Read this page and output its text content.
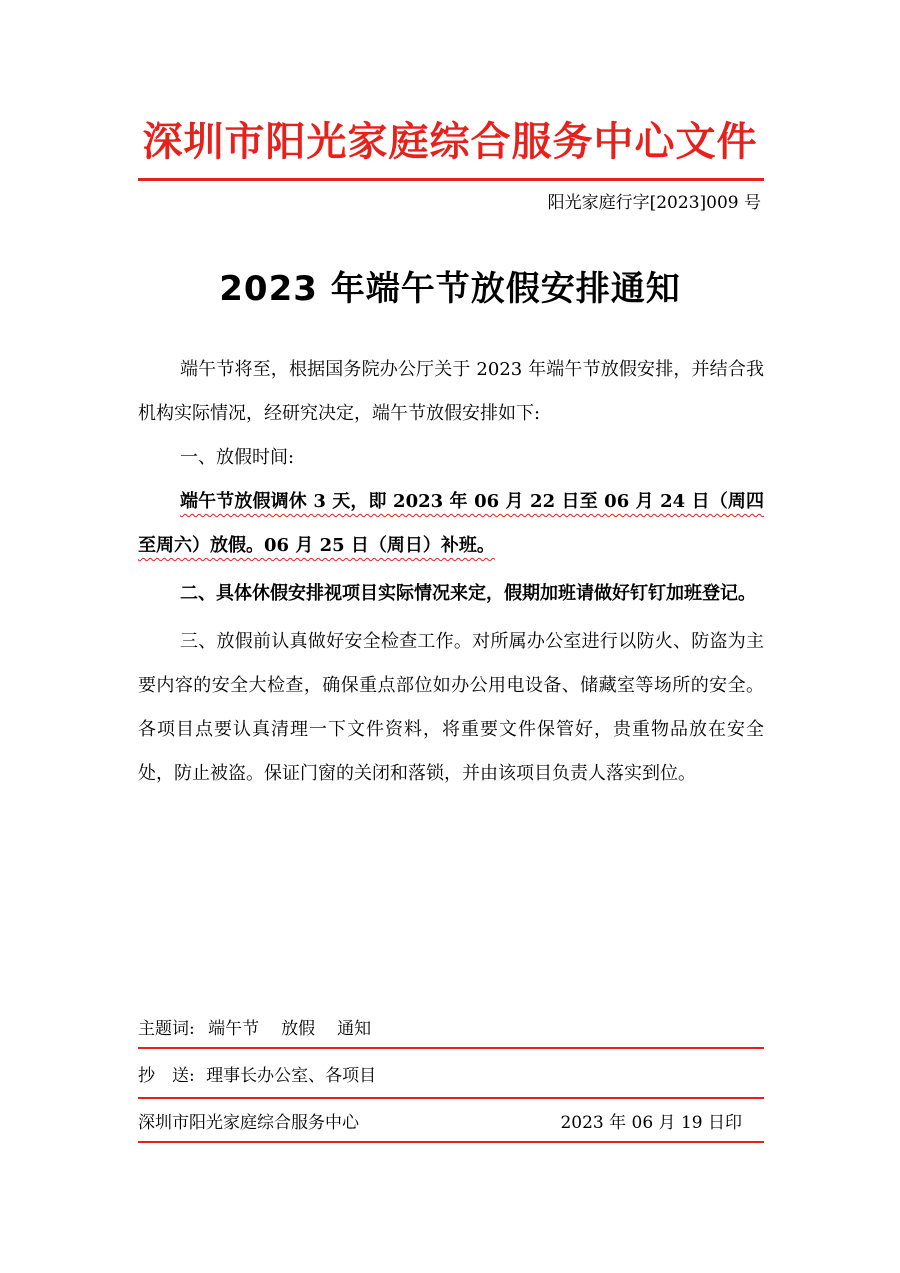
深圳市阳光家庭综合服务中心文件
阳光家庭行字[2023]009 号
2023 年端午节放假安排通知
端午节将至，根据国务院办公厅关于 2023 年端午节放假安排，并结合我机构实际情况，经研究决定，端午节放假安排如下:
一、放假时间:
端午节放假调休 3 天，即 2023 年 06 月 22 日至 06 月 24 日（周四至周六）放假。06 月 25 日（周日）补班。
二、具体休假安排视项目实际情况来定，假期加班请做好钉钉加班登记。
三、放假前认真做好安全检查工作。对所属办公室进行以防火、防盗为主要内容的安全大检查，确保重点部位如办公用电设备、储藏室等场所的安全。各项目点要认真清理一下文件资料，将重要文件保管好，贵重物品放在安全处，防止被盗。保证门窗的关闭和落锁，并由该项目负责人落实到位。
主题词: 端午节 放假 通知
抄　送: 理事长办公室、各项目
深圳市阳光家庭综合服务中心	2023 年 06 月 19 日印
